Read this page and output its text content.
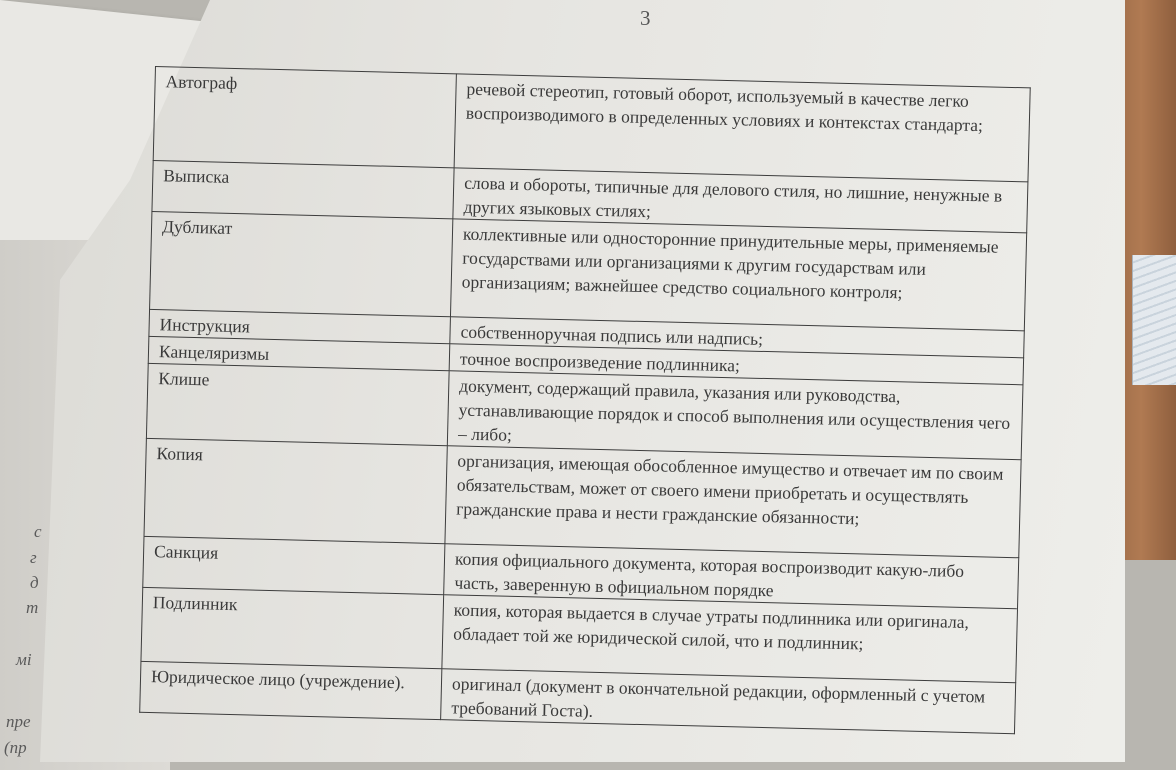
с
г
д
т
мі
пре
(пр
3
Автограф	речевой стереотип, готовый оборот, используемый в качестве легко воспроизводимого в определенных условиях и контекстах стандарта;
Выписка	слова и обороты, типичные для делового стиля, но лишние, ненужные в других языковых стилях;
Дубликат	коллективные или односторонние принудительные меры, применяемые государствами или организациями к другим государствам или организациям; важнейшее средство социального контроля;
Инструкция	собственноручная подпись или надпись;
Канцеляризмы	точное воспроизведение подлинника;
Клише	документ, содержащий правила, указания или руководства, устанавливающие порядок и способ выполнения или осуществления чего – либо;
Копия	организация, имеющая обособленное имущество и отвечает им по своим обязательствам, может от своего имени приобретать и осуществлять гражданские права и нести гражданские обязанности;
Санкция	копия официального документа, которая воспроизводит какую-либо часть, заверенную в официальном порядке
Подлинник	копия, которая выдается в случае утраты подлинника или оригинала, обладает той же юридической силой, что и подлинник;
Юридическое лицо (учреждение).	оригинал (документ в окончательной редакции, оформленный с учетом требований Госта).
